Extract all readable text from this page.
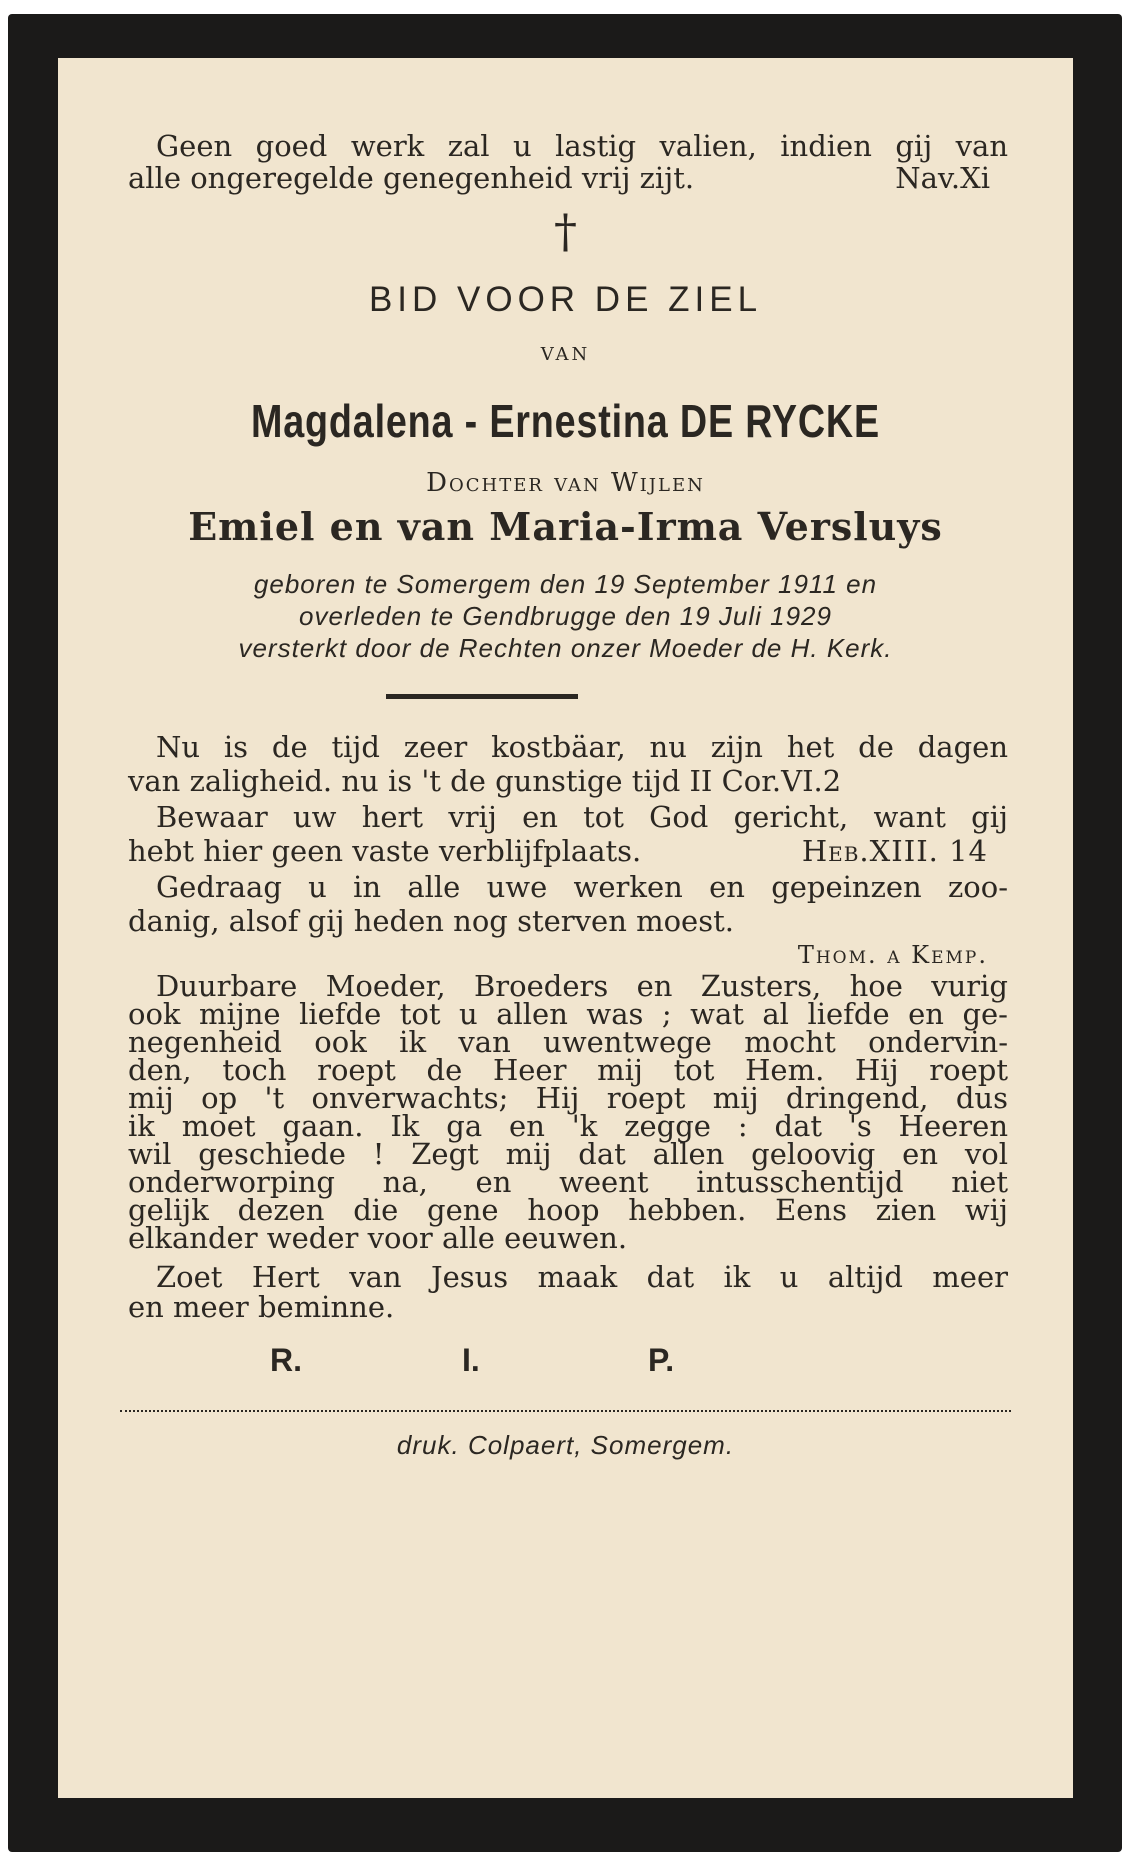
Geen goed werk zal u lastig valien, indien gij van
alle ongeregelde genegenheid vrij zijt.	Nav.Xi
†
BID VOOR DE ZIEL
VAN
Magdalena - Ernestina DE RYCKE
Dochter van Wijlen
Emiel en van Maria-Irma Versluys
geboren te Somergem den 19 September 1911 en
overleden te Gendbrugge den 19 Juli 1929
versterkt door de Rechten onzer Moeder de H. Kerk.
Nu is de tijd zeer kostbäar, nu zijn het de dagen
van zaligheid. nu is 't de gunstige tijd II Cor.VI.2
Bewaar uw hert vrij en tot God gericht, want gij
hebt hier geen vaste verblijfplaats.	Heb.XIII. 14
Gedraag u in alle uwe werken en gepeinzen zoo-
danig, alsof gij heden nog sterven moest.
Thom. a Kemp.
Duurbare Moeder, Broeders en Zusters, hoe vurig
ook mijne liefde tot u allen was ; wat al liefde en ge-
negenheid ook ik van uwentwege mocht ondervin-
den, toch roept de Heer mij tot Hem. Hij roept
mij op 't onverwachts; Hij roept mij dringend, dus
ik moet gaan. Ik ga en 'k zegge : dat 's Heeren
wil geschiede ! Zegt mij dat allen geloovig en vol
onderworping na, en weent intusschentijd niet
gelijk dezen die gene hoop hebben. Eens zien wij
elkander weder voor alle eeuwen.
Zoet Hert van Jesus maak dat ik u altijd meer
en meer beminne.
R.	I.	P.
druk. Colpaert, Somergem.
